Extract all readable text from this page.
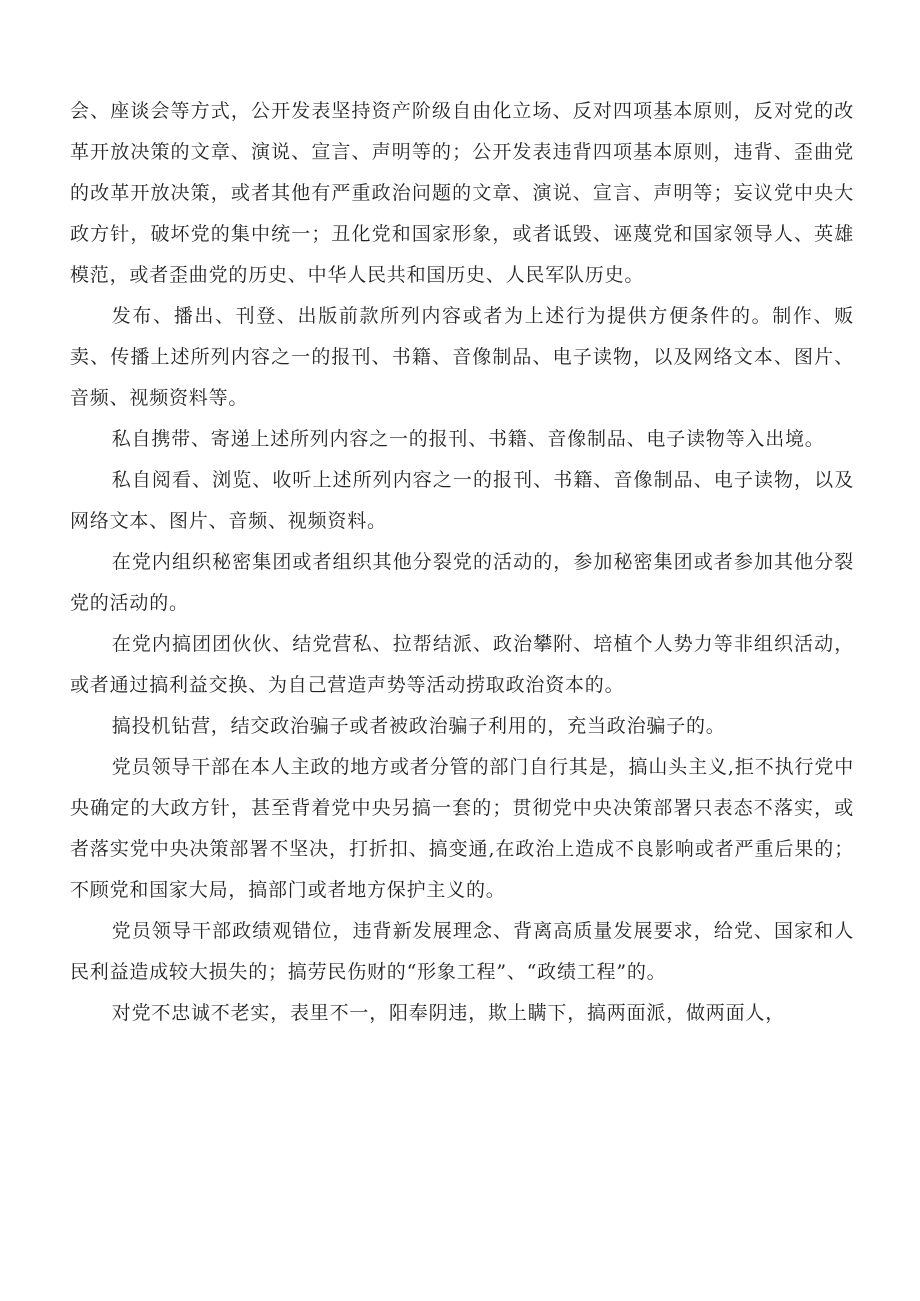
会、座谈会等方式，公开发表坚持资产阶级自由化立场、反对四项基本原则，反对党的改革开放决策的文章、演说、宣言、声明等的；公开发表违背四项基本原则，违背、歪曲党的改革开放决策，或者其他有严重政治问题的文章、演说、宣言、声明等；妄议党中央大政方针，破坏党的集中统一；丑化党和国家形象，或者诋毁、诬蔑党和国家领导人、英雄模范，或者歪曲党的历史、中华人民共和国历史、人民军队历史。

发布、播出、刊登、出版前款所列内容或者为上述行为提供方便条件的。制作、贩卖、传播上述所列内容之一的报刊、书籍、音像制品、电子读物，以及网络文本、图片、音频、视频资料等。

私自携带、寄递上述所列内容之一的报刊、书籍、音像制品、电子读物等入出境。

私自阅看、浏览、收听上述所列内容之一的报刊、书籍、音像制品、电子读物，以及网络文本、图片、音频、视频资料。

在党内组织秘密集团或者组织其他分裂党的活动的，参加秘密集团或者参加其他分裂党的活动的。

在党内搞团团伙伙、结党营私、拉帮结派、政治攀附、培植个人势力等非组织活动，或者通过搞利益交换、为自己营造声势等活动捞取政治资本的。

搞投机钻营，结交政治骗子或者被政治骗子利用的，充当政治骗子的。

党员领导干部在本人主政的地方或者分管的部门自行其是，搞山头主义,拒不执行党中央确定的大政方针，甚至背着党中央另搞一套的；贯彻党中央决策部署只表态不落实，或者落实党中央决策部署不坚决，打折扣、搞变通,在政治上造成不良影响或者严重后果的；不顾党和国家大局，搞部门或者地方保护主义的。

党员领导干部政绩观错位，违背新发展理念、背离高质量发展要求，给党、国家和人民利益造成较大损失的；搞劳民伤财的“形象工程”、“政绩工程”的。

对党不忠诚不老实，表里不一，阳奉阴违，欺上瞒下，搞两面派，做两面人，
